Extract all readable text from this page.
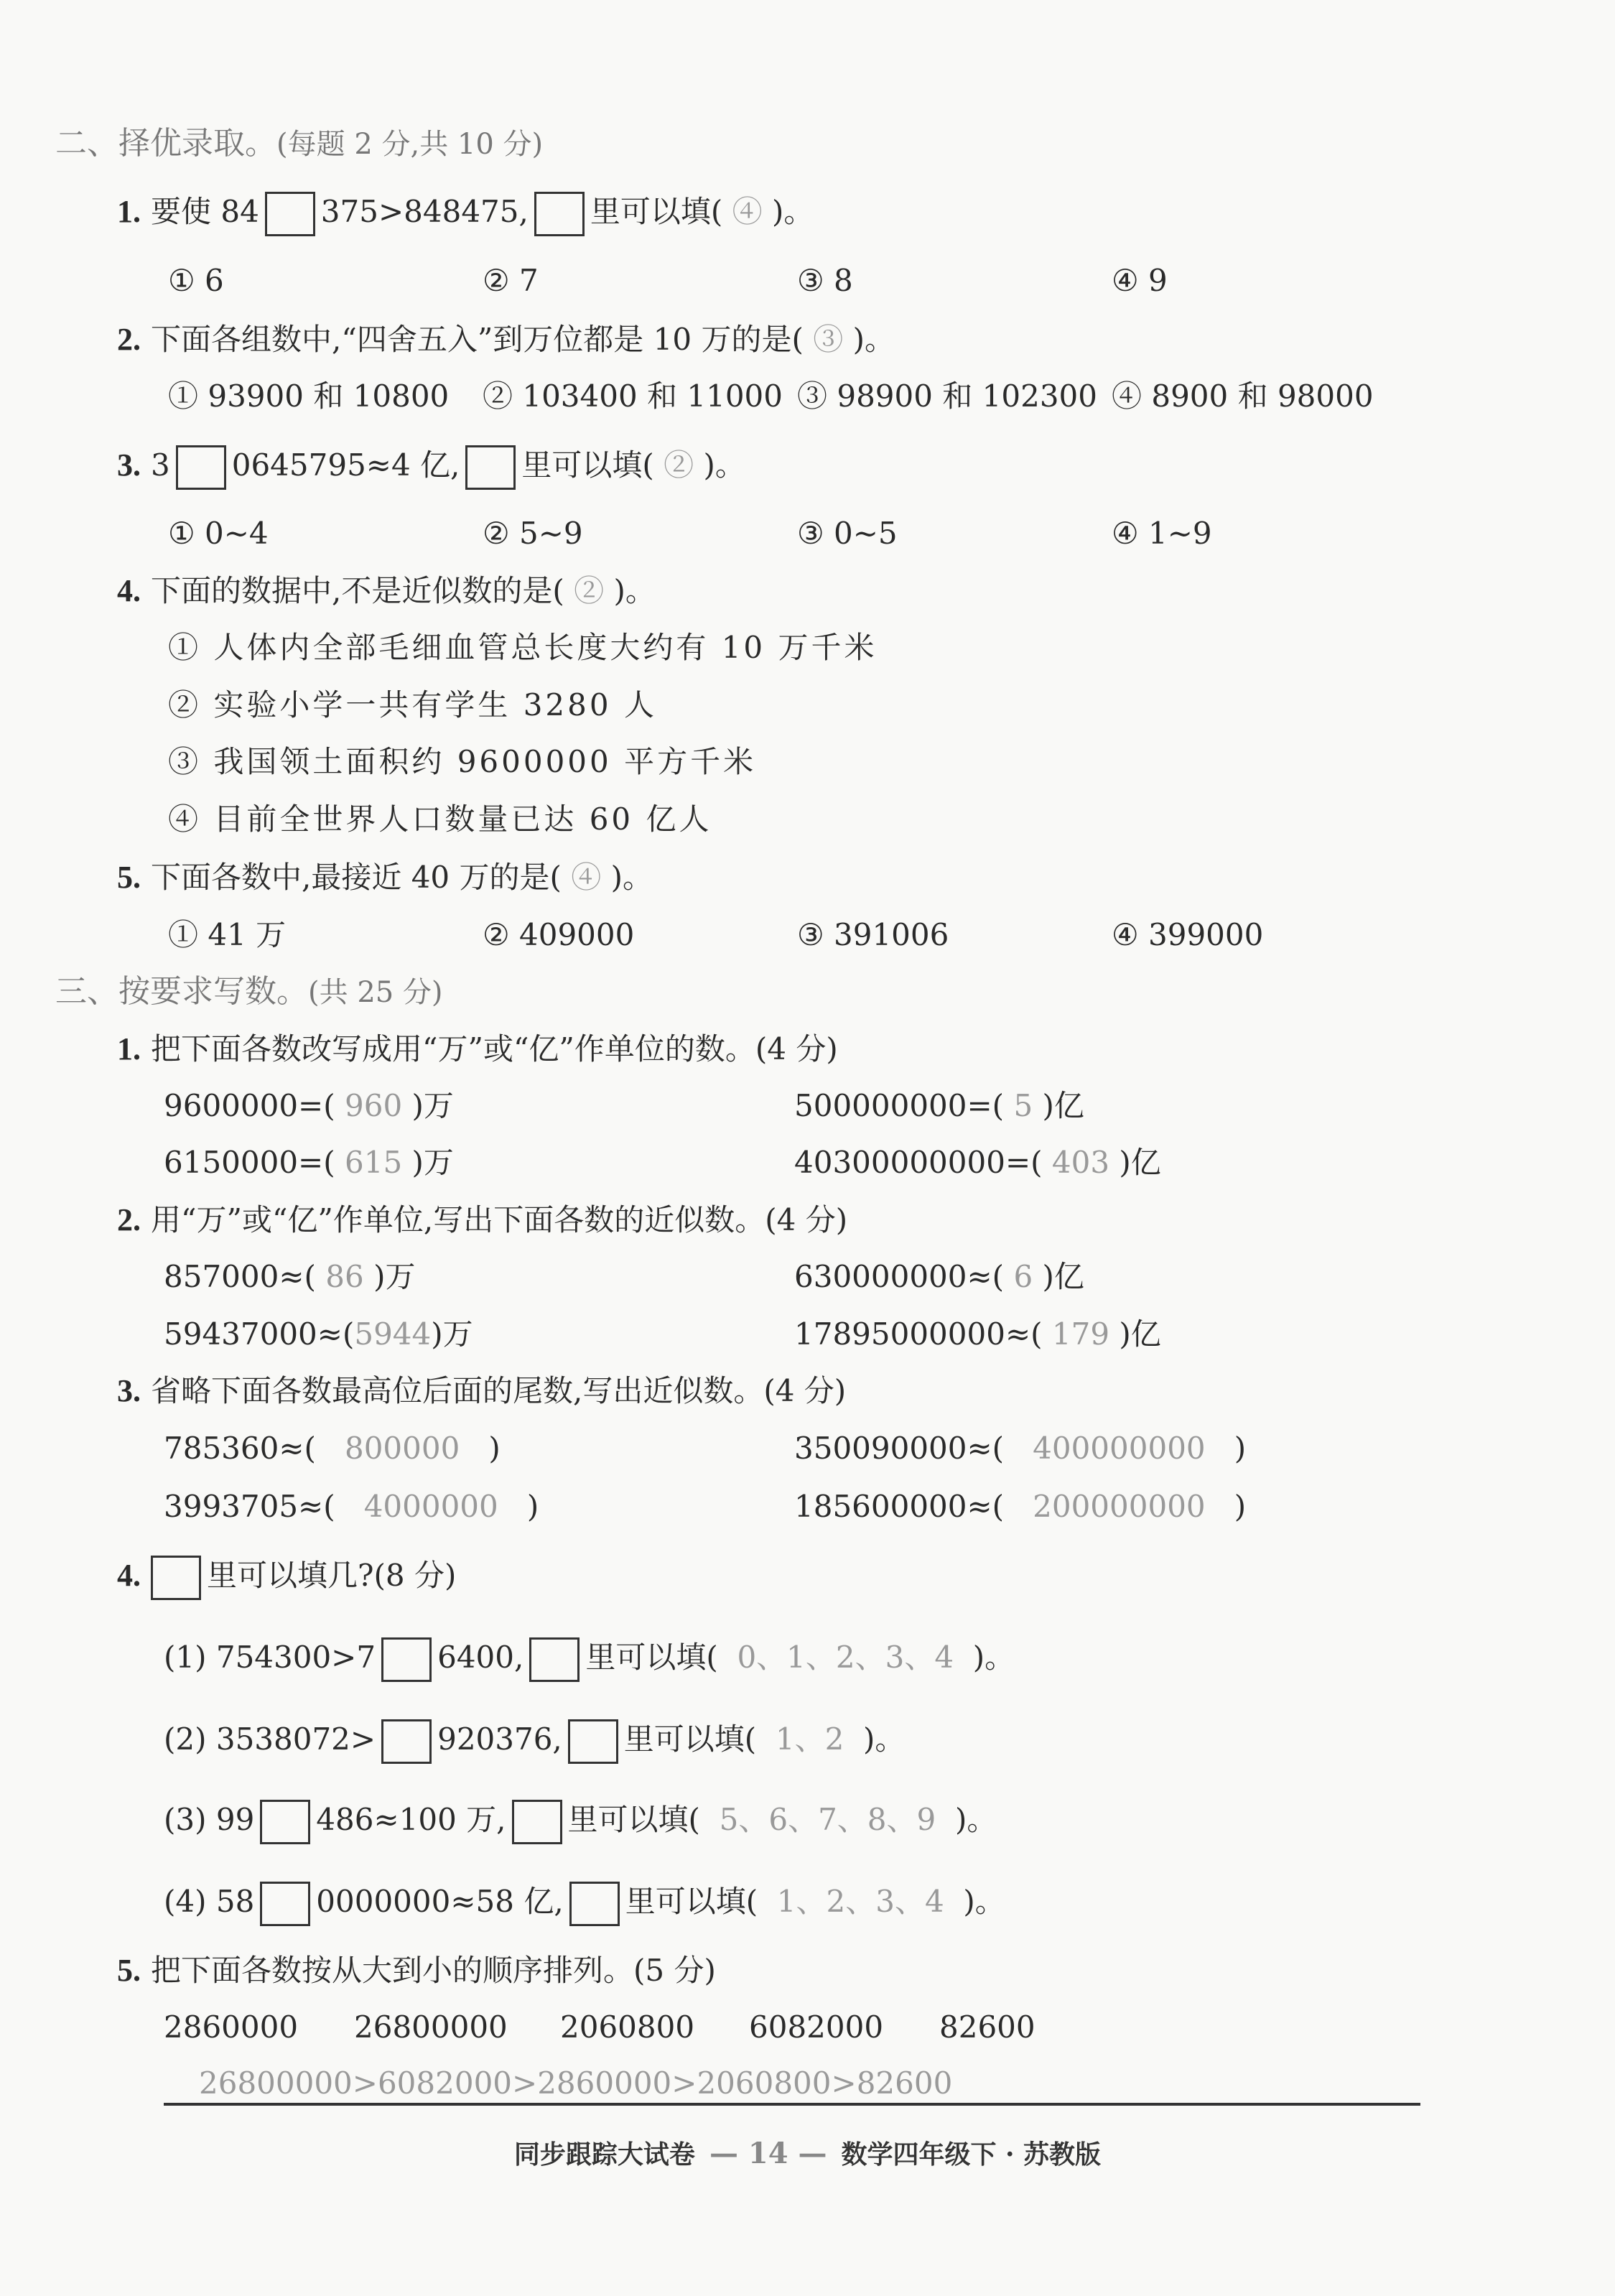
二、择优录取。(每题 2 分,共 10 分)
1. 要使 84 375>848475, 里可以填( ④ )。
① 6	② 7	③ 8	④ 9
2. 下面各组数中,“四舍五入”到万位都是 10 万的是( ③ )。
① 93900 和 10800 ② 103400 和 11000 ③ 98900 和 102300 ④ 8900 和 98000
3. 3 0645795≈4 亿, 里可以填( ② )。
① 0~4	② 5~9	③ 0~5	④ 1~9
4. 下面的数据中,不是近似数的是( ② )。
① 人体内全部毛细血管总长度大约有 10 万千米
② 实验小学一共有学生 3280 人
③ 我国领土面积约 9600000 平方千米
④ 目前全世界人口数量已达 60 亿人
5. 下面各数中,最接近 40 万的是( ④ )。
① 41 万	② 409000	③ 391006	④ 399000
三、按要求写数。(共 25 分)
1. 把下面各数改写成用“万”或“亿”作单位的数。(4 分)
9600000=( 960 )万	500000000=( 5 )亿
6150000=( 615 )万	40300000000=( 403 )亿
2. 用“万”或“亿”作单位,写出下面各数的近似数。(4 分)
857000≈( 86 )万	630000000≈( 6 )亿
59437000≈(5944)万	17895000000≈( 179 )亿
3. 省略下面各数最高位后面的尾数,写出近似数。(4 分)
785360≈( 800000 )	350090000≈( 400000000 )
3993705≈( 4000000 )	185600000≈( 200000000 )
4. 里可以填几?(8 分)
(1) 754300>7 6400, 里可以填( 0、1、2、3、4 )。
(2) 3538072> 920376, 里可以填( 1、2 )。
(3) 99 486≈100 万, 里可以填( 5、6、7、8、9 )。
(4) 58 0000000≈58 亿, 里可以填( 1、2、3、4 )。
5. 把下面各数按从大到小的顺序排列。(5 分)
2860000 26800000 2060800 6082000 82600
26800000>6082000>2860000>2060800>82600
同步跟踪大试卷 — 14 — 数学四年级下 · 苏教版
